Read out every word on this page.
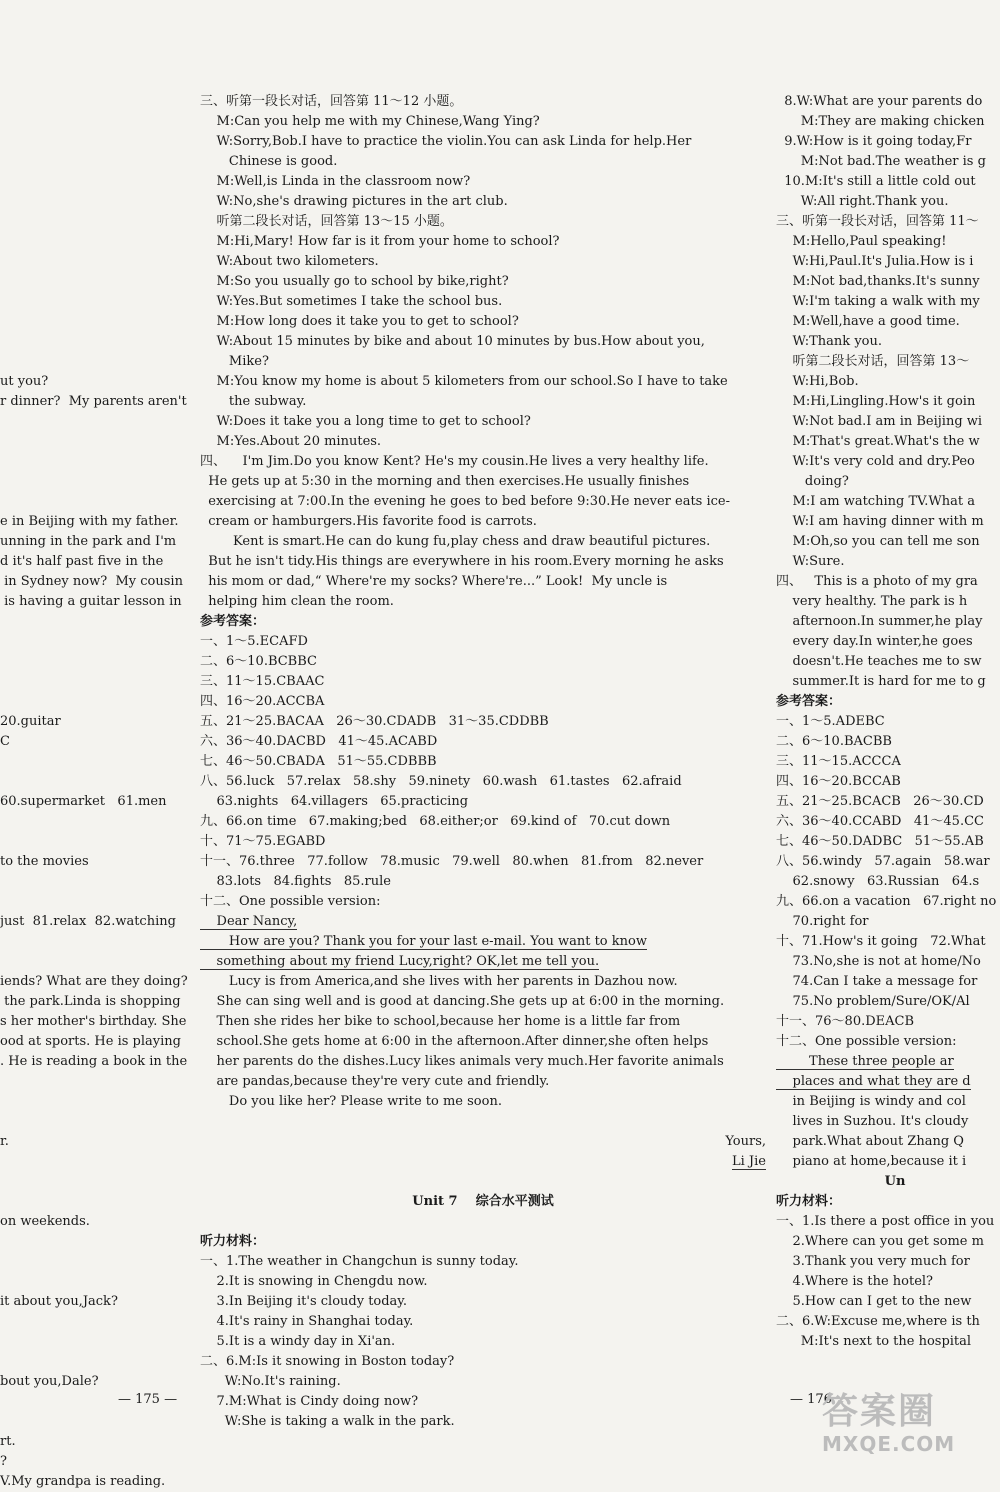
ut you?
r dinner?  My parents aren't
e in Beijing with my father.
unning in the park and I'm
d it's half past five in the
in Sydney now?  My cousin
is having a guitar lesson in
20.guitar
C
60.supermarket   61.men
to the movies
just  81.relax  82.watching
iends? What are they doing?
the park.Linda is shopping
s her mother's birthday. She
ood at sports. He is playing
. He is reading a book in the
r.
on weekends.
it about you,Jack?
bout you,Dale?
rt.
?
V.My grandpa is reading.
三、听第一段长对话，回答第 11～12 小题。
M:Can you help me with my Chinese,Wang Ying?
W:Sorry,Bob.I have to practice the violin.You can ask Linda for help.Her
Chinese is good.
M:Well,is Linda in the classroom now?
W:No,she's drawing pictures in the art club.
听第二段长对话，回答第 13～15 小题。
M:Hi,Mary! How far is it from your home to school?
W:About two kilometers.
M:So you usually go to school by bike,right?
W:Yes.But sometimes I take the school bus.
M:How long does it take you to get to school?
W:About 15 minutes by bike and about 10 minutes by bus.How about you,
Mike?
M:You know my home is about 5 kilometers from our school.So I have to take
the subway.
W:Does it take you a long time to get to school?
M:Yes.About 20 minutes.
四、    I'm Jim.Do you know Kent? He's my cousin.He lives a very healthy life.
He gets up at 5:30 in the morning and then exercises.He usually finishes
exercising at 7:00.In the evening he goes to bed before 9:30.He never eats ice-
cream or hamburgers.His favorite food is carrots.
Kent is smart.He can do kung fu,play chess and draw beautiful pictures.
But he isn't tidy.His things are everywhere in his room.Every morning he asks
his mom or dad,“ Where're my socks? Where're...” Look!  My uncle is
helping him clean the room.
参考答案：
一、1～5.ECAFD
二、6～10.BCBBC
三、11～15.CBAAC
四、16～20.ACCBA
五、21～25.BACAA   26～30.CDADB   31～35.CDDBB
六、36～40.DACBD   41～45.ACABD
七、46～50.CBADA   51～55.CDBBB
八、56.luck   57.relax   58.shy   59.ninety   60.wash   61.tastes   62.afraid
63.nights   64.villagers   65.practicing
九、66.on time   67.making;bed   68.either;or   69.kind of   70.cut down
十、71～75.EGABD
十一、76.three   77.follow   78.music   79.well   80.when   81.from   82.never
83.lots   84.fights   85.rule
十二、One possible version:
Dear Nancy,
How are you? Thank you for your last e-mail. You want to know
something about my friend Lucy,right? OK,let me tell you.
Lucy is from America,and she lives with her parents in Dazhou now.
She can sing well and is good at dancing.She gets up at 6:00 in the morning.
Then she rides her bike to school,because her home is a little far from
school.She gets home at 6:00 in the afternoon.After dinner,she often helps
her parents do the dishes.Lucy likes animals very much.Her favorite animals
are pandas,because they're very cute and friendly.
Do you like her? Please write to me soon.
Yours,
Li Jie
Unit 7    综合水平测试
听力材料：
一、1.The weather in Changchun is sunny today.
2.It is snowing in Chengdu now.
3.In Beijing it's cloudy today.
4.It's rainy in Shanghai today.
5.It is a windy day in Xi'an.
二、6.M:Is it snowing in Boston today?
W:No.It's raining.
7.M:What is Cindy doing now?
W:She is taking a walk in the park.
8.W:What are your parents do
M:They are making chicken
9.W:How is it going today,Fr
M:Not bad.The weather is g
10.M:It's still a little cold out
W:All right.Thank you.
三、听第一段长对话，回答第 11～
M:Hello,Paul speaking!
W:Hi,Paul.It's Julia.How is i
M:Not bad,thanks.It's sunny
W:I'm taking a walk with my
M:Well,have a good time.
W:Thank you.
听第二段长对话，回答第 13～
W:Hi,Bob.
M:Hi,Lingling.How's it goin
W:Not bad.I am in Beijing wi
M:That's great.What's the w
W:It's very cold and dry.Peo
doing?
M:I am watching TV.What a
W:I am having dinner with m
M:Oh,so you can tell me son
W:Sure.
四、   This is a photo of my gra
very healthy. The park is h
afternoon.In summer,he play
every day.In winter,he goes
doesn't.He teaches me to sw
summer.It is hard for me to g
参考答案：
一、1～5.ADEBC
二、6～10.BACBB
三、11～15.ACCCA
四、16～20.BCCAB
五、21～25.BCACB   26～30.CD
六、36～40.CCABD   41～45.CC
七、46～50.DADBC   51～55.AB
八、56.windy   57.again   58.war
62.snowy   63.Russian   64.s
九、66.on a vacation   67.right no
70.right for
十、71.How's it going   72.What
73.No,she is not at home/No
74.Can I take a message for
75.No problem/Sure/OK/Al
十一、76～80.DEACB
十二、One possible version:
These three people ar
places and what they are d
in Beijing is windy and col
lives in Suzhou. It's cloudy
park.What about Zhang Q
piano at home,because it i
Un
听力材料：
一、1.Is there a post office in you
2.Where can you get some m
3.Thank you very much for
4.Where is the hotel?
5.How can I get to the new
二、6.W:Excuse me,where is th
M:It's next to the hospital
— 175 —	— 176
答案圈
MXQE.COM
